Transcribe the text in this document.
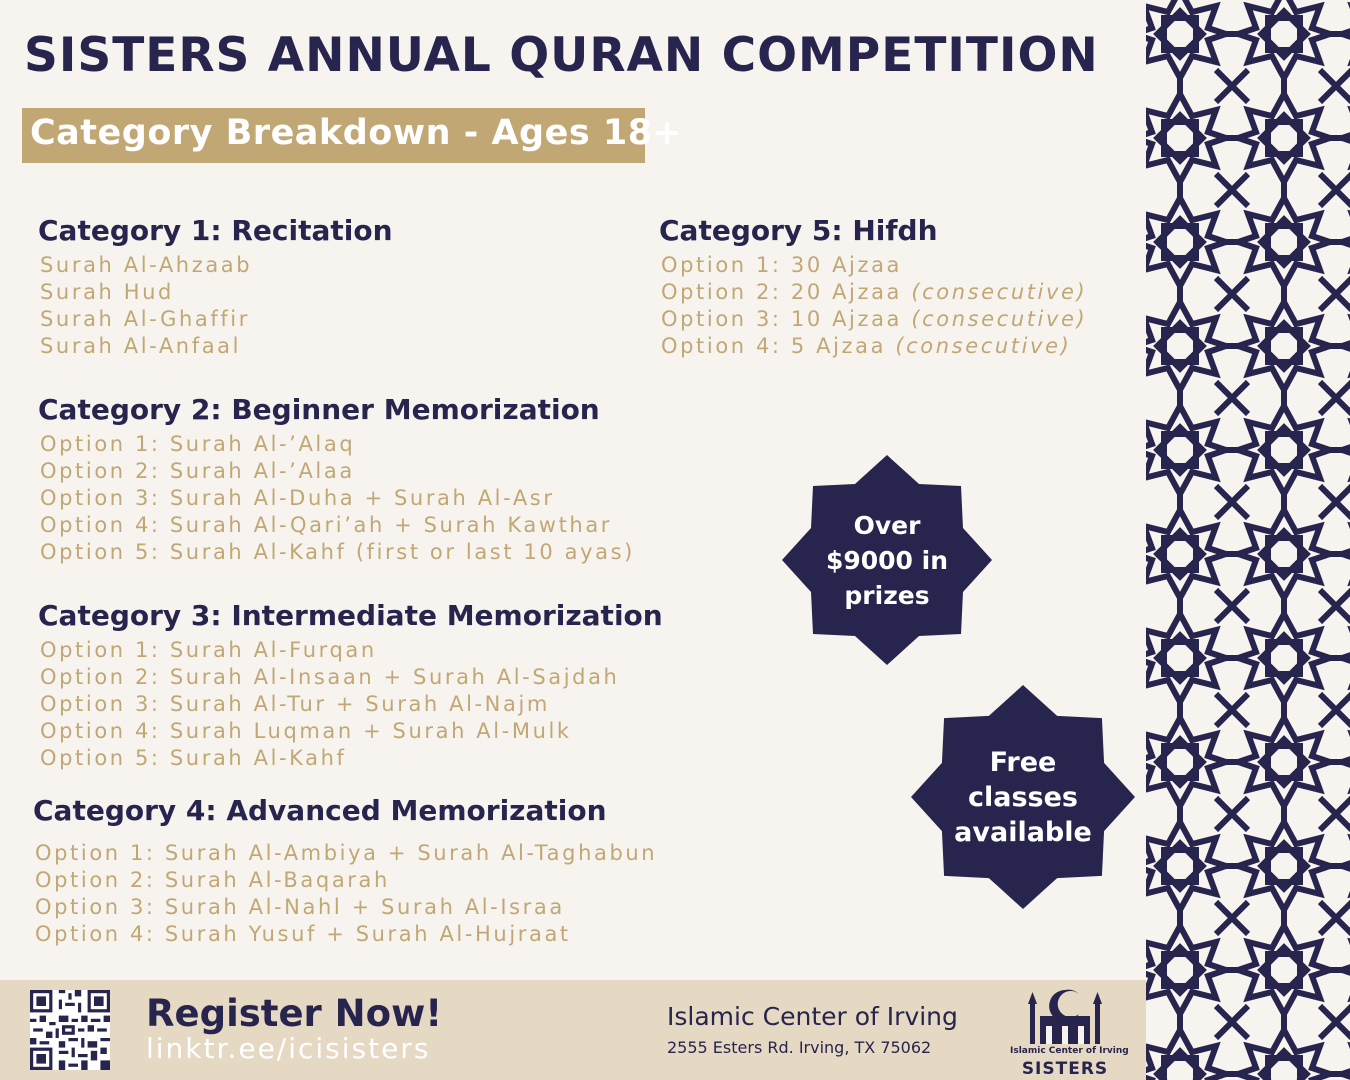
SISTERS ANNUAL QURAN COMPETITION
Category Breakdown - Ages 18+
Category 1: Recitation
Surah Al-Ahzaab
Surah Hud
Surah Al-Ghaffir
Surah Al-Anfaal
Category 2: Beginner Memorization
Option 1: Surah Al-’Alaq
Option 2: Surah Al-’Alaa
Option 3: Surah Al-Duha + Surah Al-Asr
Option 4: Surah Al-Qari’ah + Surah Kawthar
Option 5: Surah Al-Kahf (first or last 10 ayas)
Category 3: Intermediate Memorization
Option 1: Surah Al-Furqan
Option 2: Surah Al-Insaan + Surah Al-Sajdah
Option 3: Surah Al-Tur + Surah Al-Najm
Option 4: Surah Luqman + Surah Al-Mulk
Option 5: Surah Al-Kahf
Category 4: Advanced Memorization
Option 1: Surah Al-Ambiya + Surah Al-Taghabun
Option 2: Surah Al-Baqarah
Option 3: Surah Al-Nahl + Surah Al-Israa
Option 4: Surah Yusuf + Surah Al-Hujraat
Category 5: Hifdh
Option 1: 30 Ajzaa
Option 2: 20 Ajzaa (consecutive)
Option 3: 10 Ajzaa (consecutive)
Option 4: 5 Ajzaa (consecutive)
Over $9000 in prizes
Free classes available
Register Now!
linktr.ee/icisisters
Islamic Center of Irving
2555 Esters Rd. Irving, TX 75062	Islamic Center of Irving
SISTERS
